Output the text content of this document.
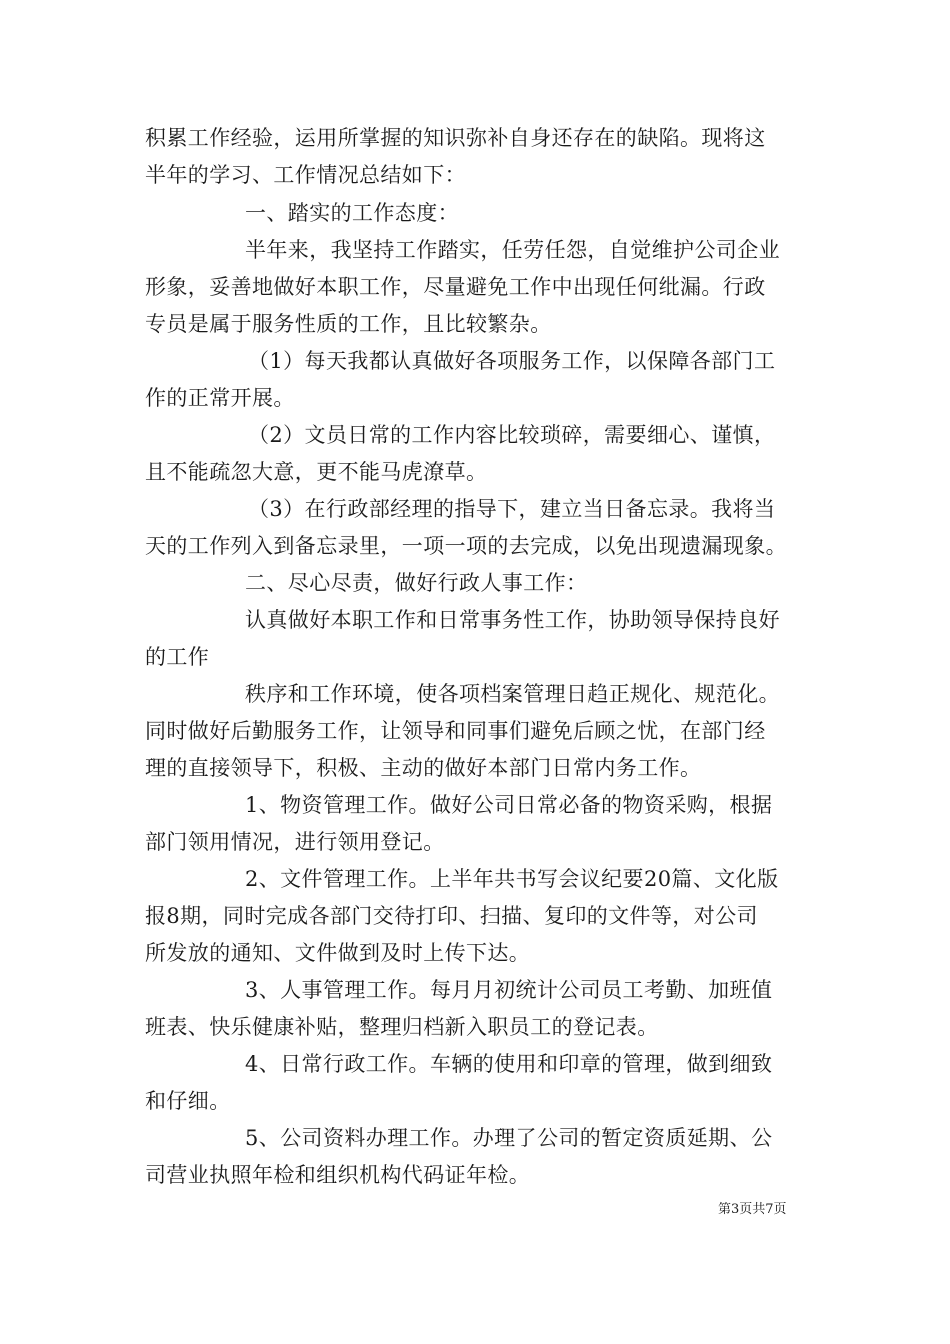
积累工作经验，运用所掌握的知识弥补自身还存在的缺陷。现将这
半年的学习、工作情况总结如下：
一、踏实的工作态度：
半年来，我坚持工作踏实，任劳任怨，自觉维护公司企业
形象，妥善地做好本职工作，尽量避免工作中出现任何纰漏。行政
专员是属于服务性质的工作，且比较繁杂。
（1）每天我都认真做好各项服务工作，以保障各部门工
作的正常开展。
（2）文员日常的工作内容比较琐碎，需要细心、谨慎，
且不能疏忽大意，更不能马虎潦草。
（3）在行政部经理的指导下，建立当日备忘录。我将当
天的工作列入到备忘录里，一项一项的去完成，以免出现遗漏现象。
二、尽心尽责，做好行政人事工作：
认真做好本职工作和日常事务性工作，协助领导保持良好
的工作
秩序和工作环境，使各项档案管理日趋正规化、规范化。
同时做好后勤服务工作，让领导和同事们避免后顾之忧，在部门经
理的直接领导下，积极、主动的做好本部门日常内务工作。
1、物资管理工作。做好公司日常必备的物资采购，根据
部门领用情况，进行领用登记。
2、文件管理工作。上半年共书写会议纪要20篇、文化版
报8期，同时完成各部门交待打印、扫描、复印的文件等，对公司
所发放的通知、文件做到及时上传下达。
3、人事管理工作。每月月初统计公司员工考勤、加班值
班表、快乐健康补贴，整理归档新入职员工的登记表。
4、日常行政工作。车辆的使用和印章的管理，做到细致
和仔细。
5、公司资料办理工作。办理了公司的暂定资质延期、公
司营业执照年检和组织机构代码证年检。
第3页共7页
